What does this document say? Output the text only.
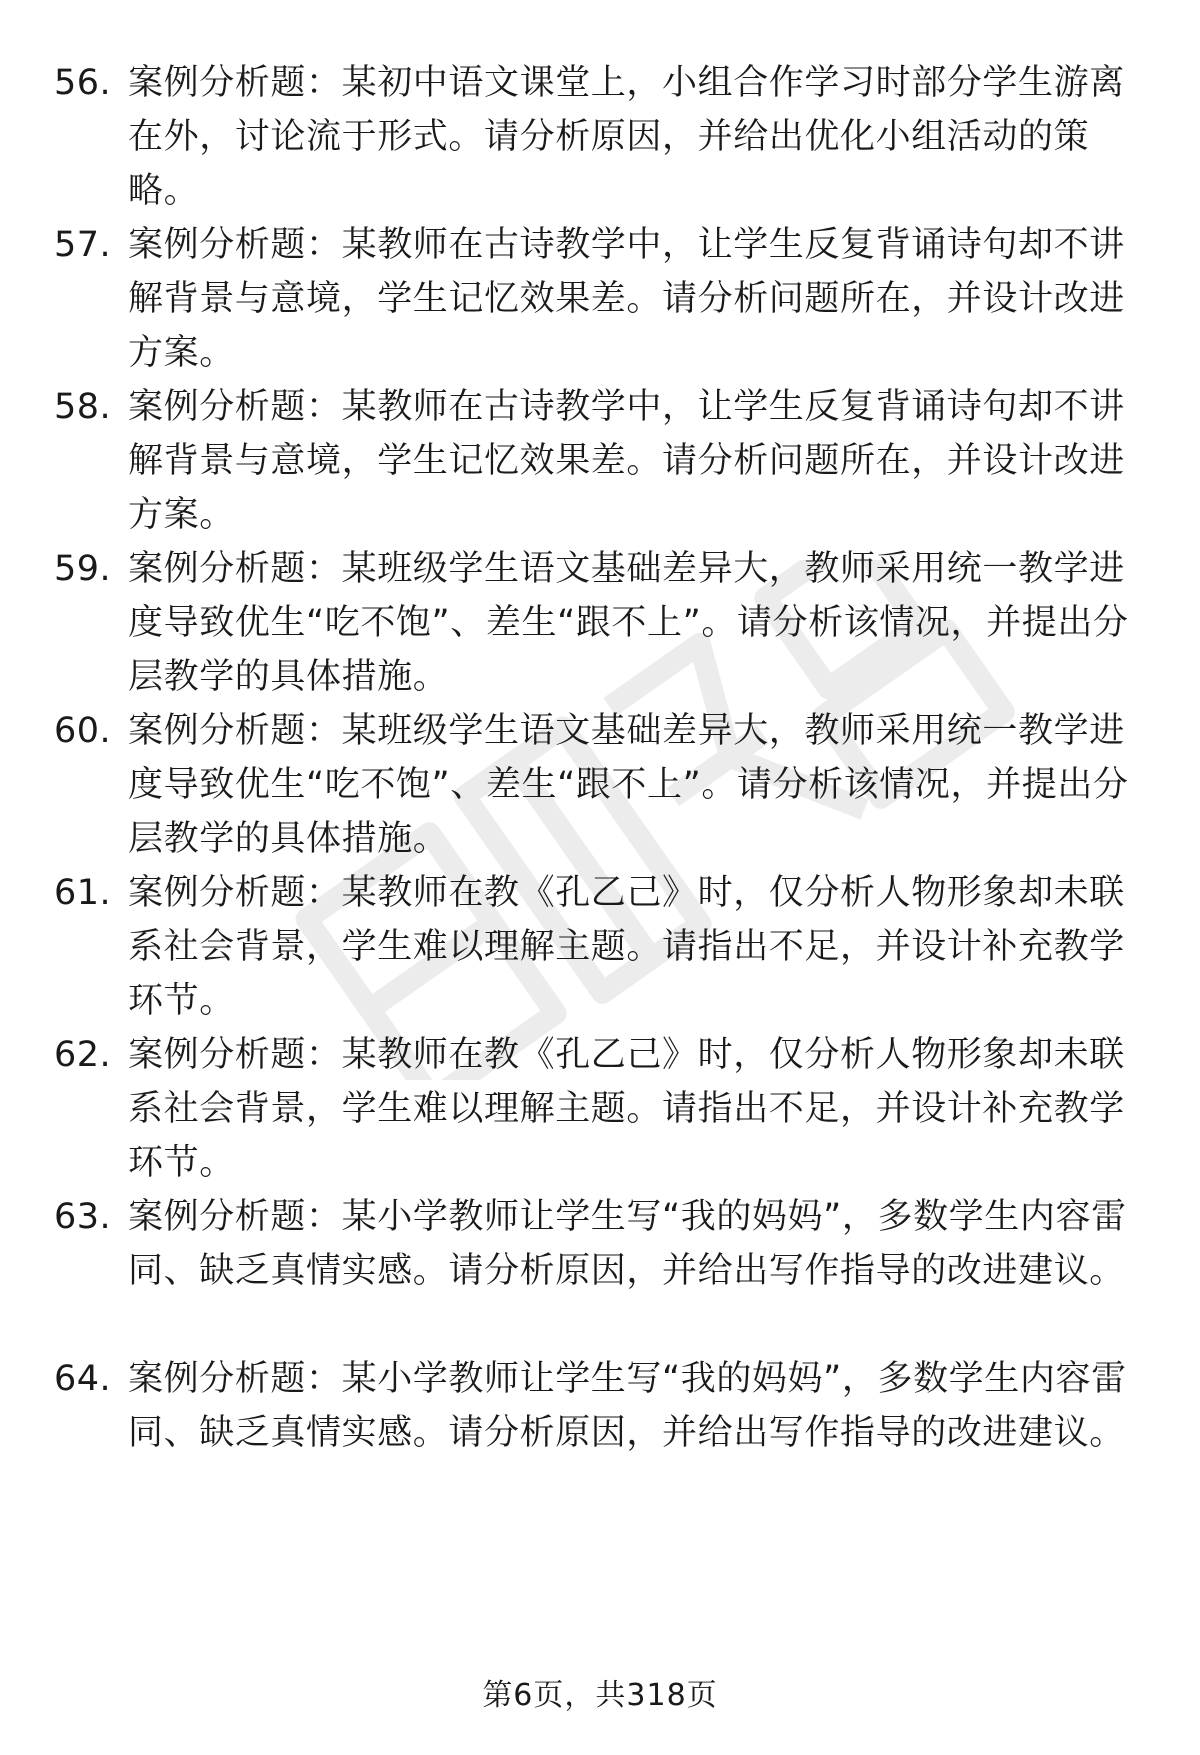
56. 案例分析题：某初中语文课堂上，小组合作学习时部分学生游离在外，讨论流于形式。请分析原因，并给出优化小组活动的策略。
57. 案例分析题：某教师在古诗教学中，让学生反复背诵诗句却不讲解背景与意境，学生记忆效果差。请分析问题所在，并设计改进方案。
58. 案例分析题：某教师在古诗教学中，让学生反复背诵诗句却不讲解背景与意境，学生记忆效果差。请分析问题所在，并设计改进方案。
59. 案例分析题：某班级学生语文基础差异大，教师采用统一教学进度导致优生“吃不饱”、差生“跟不上”。请分析该情况，并提出分层教学的具体措施。
60. 案例分析题：某班级学生语文基础差异大，教师采用统一教学进度导致优生“吃不饱”、差生“跟不上”。请分析该情况，并提出分层教学的具体措施。
61. 案例分析题：某教师在教《孔乙己》时，仅分析人物形象却未联系社会背景，学生难以理解主题。请指出不足，并设计补充教学环节。
62. 案例分析题：某教师在教《孔乙己》时，仅分析人物形象却未联系社会背景，学生难以理解主题。请指出不足，并设计补充教学环节。
63. 案例分析题：某小学教师让学生写“我的妈妈”，多数学生内容雷同、缺乏真情实感。请分析原因，并给出写作指导的改进建议。
64. 案例分析题：某小学教师让学生写“我的妈妈”，多数学生内容雷同、缺乏真情实感。请分析原因，并给出写作指导的改进建议。
第6页，共318页
